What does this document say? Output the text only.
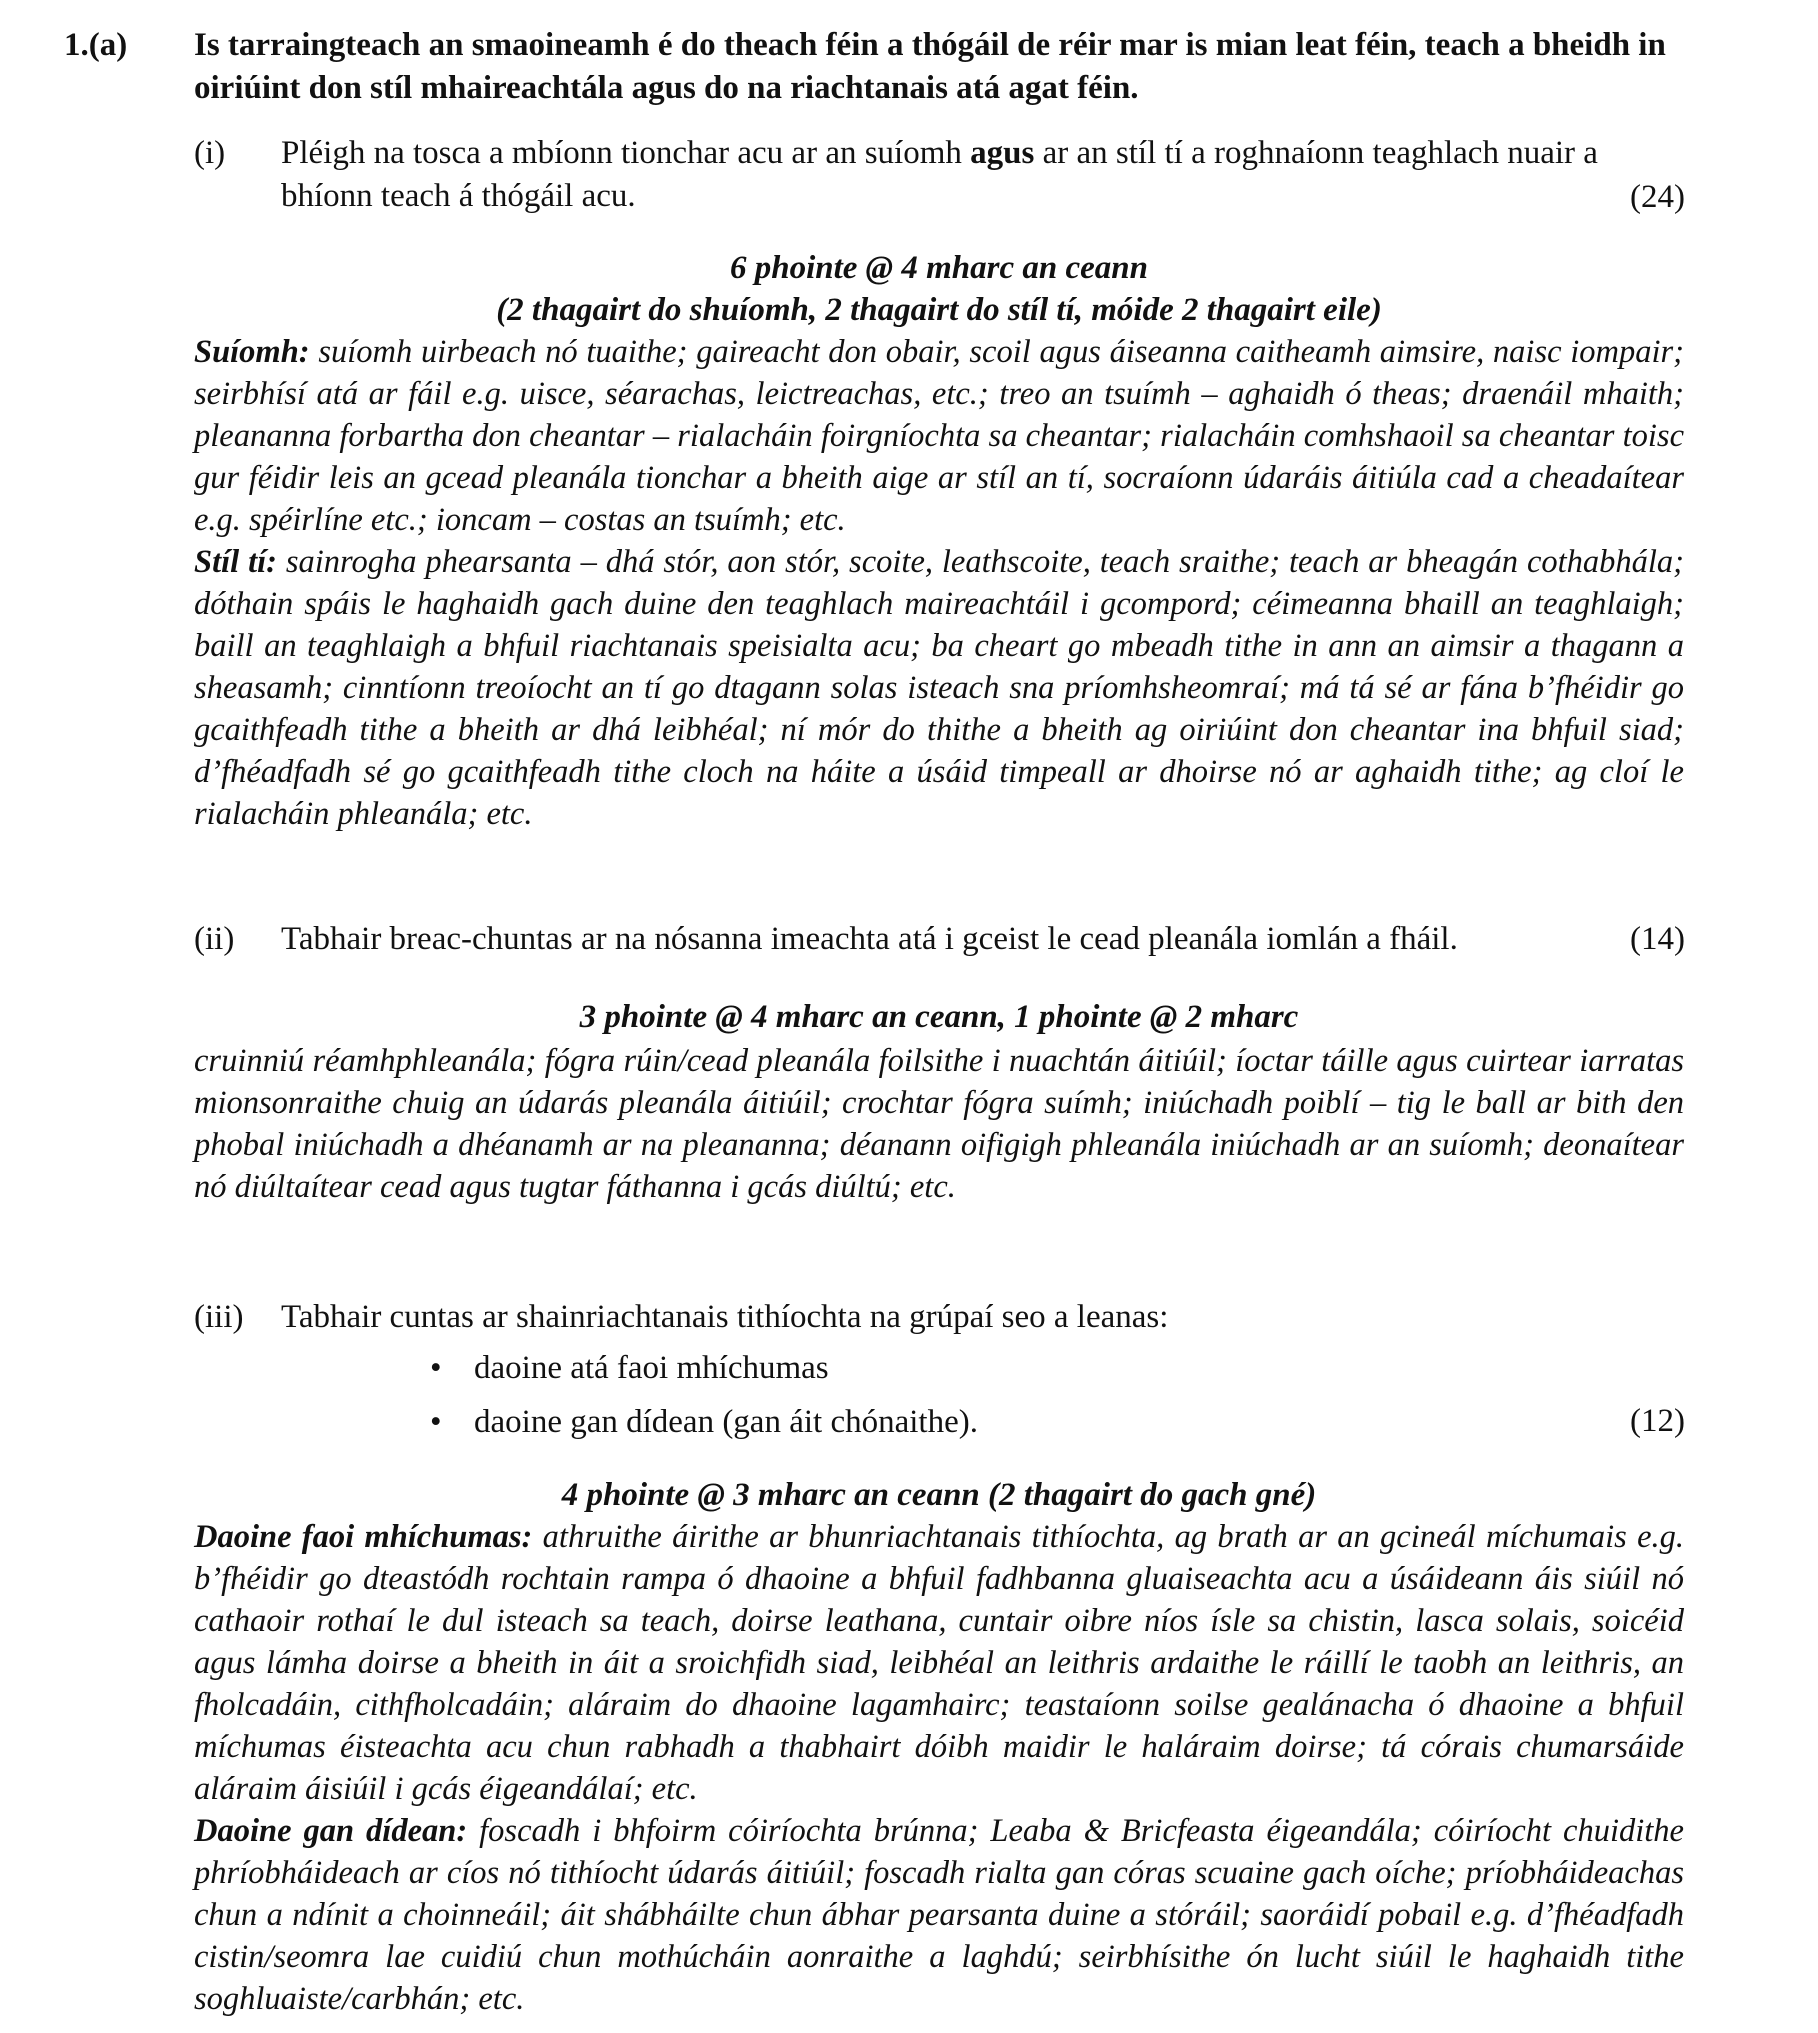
1.(a) Is tarraingteach an smaoineamh é do theach féin a thógáil de réir mar is mian leat féin, teach a bheidh in oiriúint don stíl mhaireachtála agus do na riachtanais atá agat féin.
(i) Pléigh na tosca a mbíonn tionchar acu ar an suíomh agus ar an stíl tí a roghnaíonn teaghlach nuair a bhíonn teach á thógáil acu.	(24)
6 phointe @ 4 mharc an ceann
(2 thagairt do shuíomh, 2 thagairt do stíl tí, móide 2 thagairt eile)
Suíomh: suíomh uirbeach nó tuaithe; gaireacht don obair, scoil agus áiseanna caitheamh aimsire, naisc iompair; seirbhísí atá ar fáil e.g. uisce, séarachas, leictreachas, etc.; treo an tsuímh – aghaidh ó theas; draenáil mhaith; pleananna forbartha don cheantar – rialacháin foirgníochta sa cheantar; rialacháin comhshaoil sa cheantar toisc gur féidir leis an gcead pleanála tionchar a bheith aige ar stíl an tí, socraíonn údaráis áitiúla cad a cheadaítear e.g. spéirlíne etc.; ioncam – costas an tsuímh; etc.
Stíl tí: sainrogha phearsanta – dhá stór, aon stór, scoite, leathscoite, teach sraithe; teach ar bheagán cothabhála; dóthain spáis le haghaidh gach duine den teaghlach maireachtáil i gcompord; céimeanna bhaill an teaghlaigh; baill an teaghlaigh a bhfuil riachtanais speisialta acu; ba cheart go mbeadh tithe in ann an aimsir a thagann a sheasamh; cinntíonn treoíocht an tí go dtagann solas isteach sna príomhsheomraí; má tá sé ar fána b’fhéidir go gcaithfeadh tithe a bheith ar dhá leibhéal; ní mór do thithe a bheith ag oiriúint don cheantar ina bhfuil siad; d’fhéadfadh sé go gcaithfeadh tithe cloch na háite a úsáid timpeall ar dhoirse nó ar aghaidh tithe; ag cloí le rialacháin phleanála; etc.
(ii) Tabhair breac-chuntas ar na nósanna imeachta atá i gceist le cead pleanála iomlán a fháil.	(14)
3 phointe @ 4 mharc an ceann, 1 phointe @ 2 mharc
cruinniú réamhphleanála; fógra rúin/cead pleanála foilsithe i nuachtán áitiúil; íoctar táille agus cuirtear iarratas mionsonraithe chuig an údarás pleanála áitiúil; crochtar fógra suímh; iniúchadh poiblí – tig le ball ar bith den phobal iniúchadh a dhéanamh ar na pleananna; déanann oifigigh phleanála iniúchadh ar an suíomh; deonaítear nó diúltaítear cead agus tugtar fáthanna i gcás diúltú; etc.
(iii) Tabhair cuntas ar shainriachtanais tithíochta na grúpaí seo a leanas:
• daoine atá faoi mhíchumas
• daoine gan dídean (gan áit chónaithe).	(12)
4 phointe @ 3 mharc an ceann (2 thagairt do gach gné)
Daoine faoi mhíchumas: athruithe áirithe ar bhunriachtanais tithíochta, ag brath ar an gcineál míchumais e.g. b’fhéidir go dteastódh rochtain rampa ó dhaoine a bhfuil fadhbanna gluaiseachta acu a úsáideann áis siúil nó cathaoir rothaí le dul isteach sa teach, doirse leathana, cuntair oibre níos ísle sa chistin, lasca solais, soicéid agus lámha doirse a bheith in áit a sroichfidh siad, leibhéal an leithris ardaithe le ráillí le taobh an leithris, an fholcadáin, cithfholcadáin; aláraim do dhaoine lagamhairc; teastaíonn soilse gealánacha ó dhaoine a bhfuil míchumas éisteachta acu chun rabhadh a thabhairt dóibh maidir le haláraim doirse; tá córais chumarsáide aláraim áisiúil i gcás éigeandálaí; etc.
Daoine gan dídean: foscadh i bhfoirm cóiríochta brúnna; Leaba & Bricfeasta éigeandála; cóiríocht chuidithe phríobháideach ar cíos nó tithíocht údarás áitiúil; foscadh rialta gan córas scuaine gach oíche; príobháideachas chun a ndínit a choinneáil; áit shábháilte chun ábhar pearsanta duine a stóráil; saoráidí pobail e.g. d’fhéadfadh cistin/seomra lae cuidiú chun mothúcháin aonraithe a laghdú; seirbhísithe ón lucht siúil le haghaidh tithe soghluaiste/carbhán; etc.
